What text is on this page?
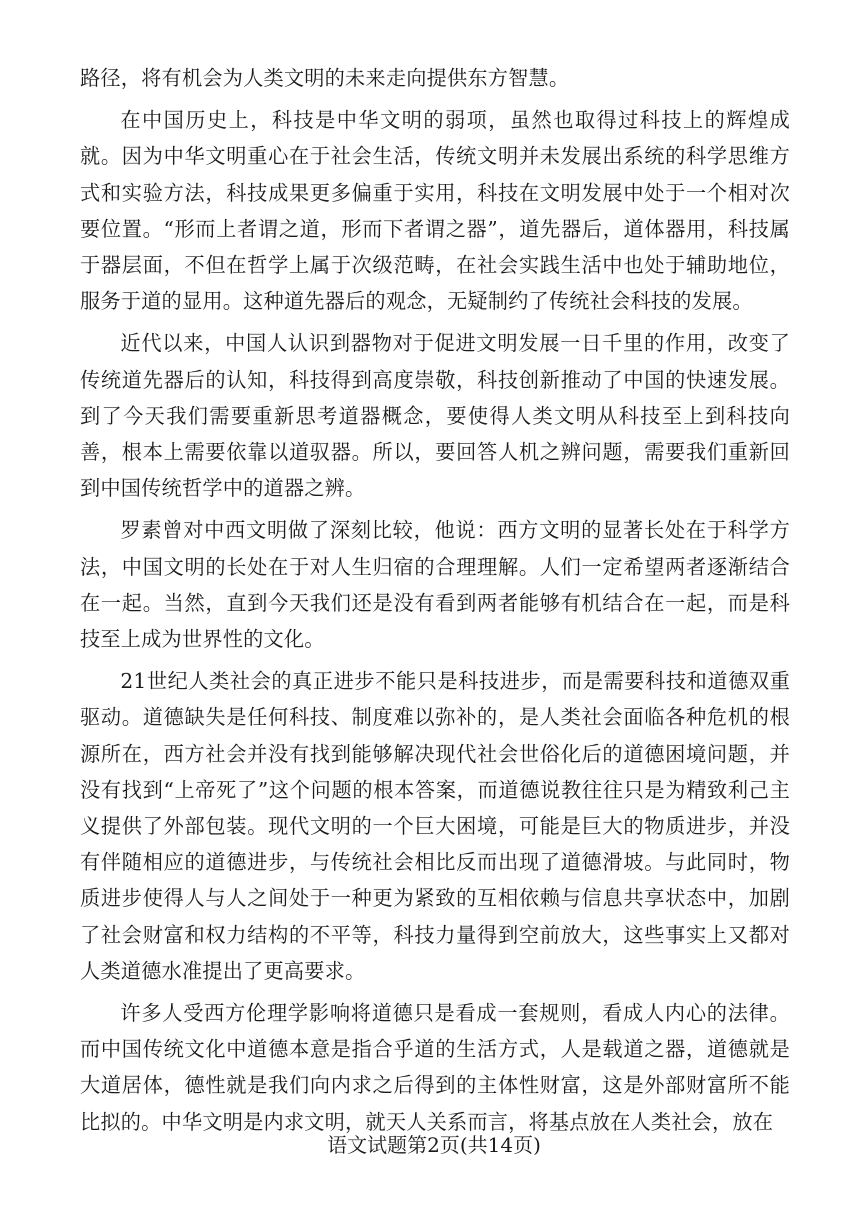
路径，将有机会为人类文明的未来走向提供东方智慧。

在中国历史上，科技是中华文明的弱项，虽然也取得过科技上的辉煌成就。因为中华文明重心在于社会生活，传统文明并未发展出系统的科学思维方式和实验方法，科技成果更多偏重于实用，科技在文明发展中处于一个相对次要位置。“形而上者谓之道，形而下者谓之器”，道先器后，道体器用，科技属于器层面，不但在哲学上属于次级范畴，在社会实践生活中也处于辅助地位，服务于道的显用。这种道先器后的观念，无疑制约了传统社会科技的发展。

近代以来，中国人认识到器物对于促进文明发展一日千里的作用，改变了传统道先器后的认知，科技得到高度崇敬，科技创新推动了中国的快速发展。到了今天我们需要重新思考道器概念，要使得人类文明从科技至上到科技向善，根本上需要依靠以道驭器。所以，要回答人机之辨问题，需要我们重新回到中国传统哲学中的道器之辨。

罗素曾对中西文明做了深刻比较，他说：西方文明的显著长处在于科学方法，中国文明的长处在于对人生归宿的合理理解。人们一定希望两者逐渐结合在一起。当然，直到今天我们还是没有看到两者能够有机结合在一起，而是科技至上成为世界性的文化。

21世纪人类社会的真正进步不能只是科技进步，而是需要科技和道德双重驱动。道德缺失是任何科技、制度难以弥补的，是人类社会面临各种危机的根源所在，西方社会并没有找到能够解决现代社会世俗化后的道德困境问题，并没有找到“上帝死了”这个问题的根本答案，而道德说教往往只是为精致利己主义提供了外部包装。现代文明的一个巨大困境，可能是巨大的物质进步，并没有伴随相应的道德进步，与传统社会相比反而出现了道德滑坡。与此同时，物质进步使得人与人之间处于一种更为紧致的互相依赖与信息共享状态中，加剧了社会财富和权力结构的不平等，科技力量得到空前放大，这些事实上又都对人类道德水准提出了更高要求。

许多人受西方伦理学影响将道德只是看成一套规则，看成人内心的法律。而中国传统文化中道德本意是指合乎道的生活方式，人是载道之器，道德就是大道居体，德性就是我们向内求之后得到的主体性财富，这是外部财富所不能比拟的。中华文明是内求文明，就天人关系而言，将基点放在人类社会，放在

语文试题第2页(共14页)
